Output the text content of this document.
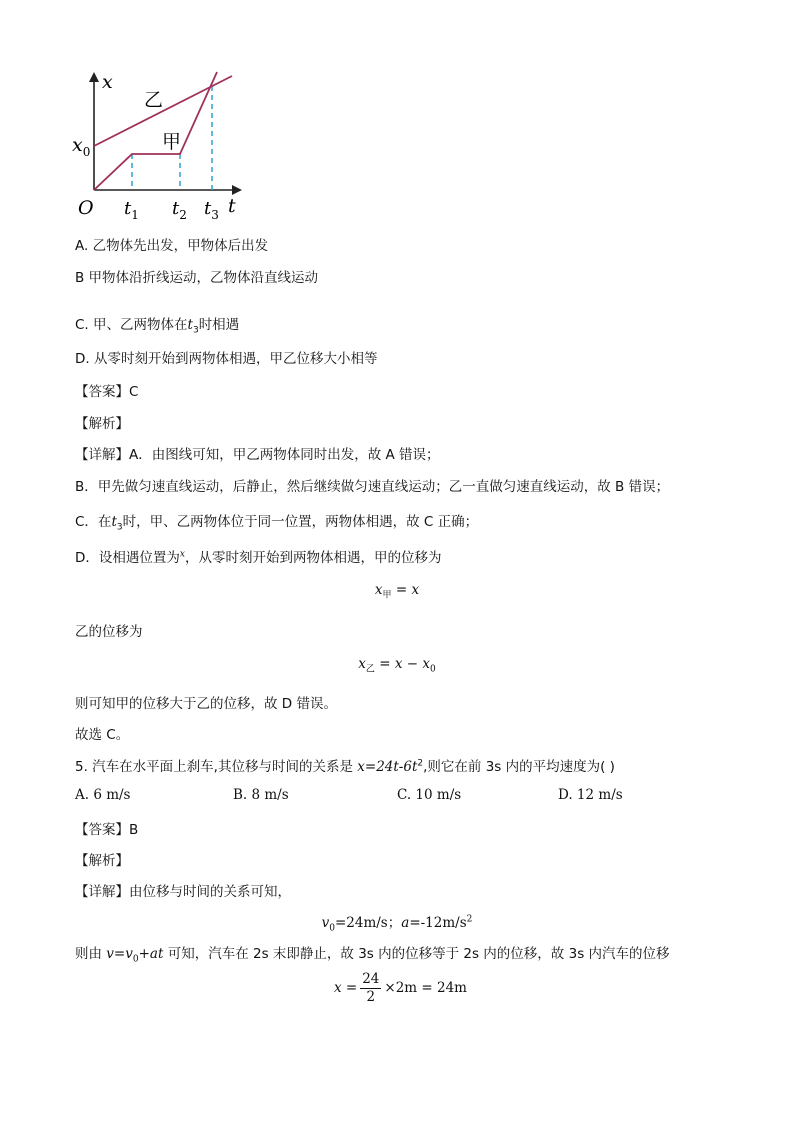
x
乙
甲
$x_0$
O $t_1$ $t_2$ $t_3$ t
A. 乙物体先出发，甲物体后出发
B 甲物体沿折线运动，乙物体沿直线运动
C. 甲、乙两物体在$t_3$时相遇
D. 从零时刻开始到两物体相遇，甲乙位移大小相等
【答案】C
【解析】
【详解】A．由图线可知，甲乙两物体同时出发，故 A 错误；
B．甲先做匀速直线运动，后静止，然后继续做匀速直线运动；乙一直做匀速直线运动，故 B 错误；
C．在$t_3$时，甲、乙两物体位于同一位置，两物体相遇，故 C 正确；
D．设相遇位置为$^x$，从零时刻开始到两物体相遇，甲的位移为
$x_甲 = x$
乙的位移为
$x_乙 = x - x_0$
则可知甲的位移大于乙的位移，故 D 错误。
故选 C。
5. 汽车在水平面上刹车,其位移与时间的关系是 $x=24t-6t^2$,则它在前 3s 内的平均速度为( )
A. 6 m/s	B. 8 m/s	C. 10 m/s	D. 12 m/s
【答案】B
【解析】
【详解】由位移与时间的关系可知，
$v_0=24m/s$；$a=-12m/s^2$
则由 $v=v_0+at$ 可知，汽车在 2s 末即静止，故 3s 内的位移等于 2s 内的位移，故 3s 内汽车的位移
$x = \frac{24}{2} \times 2m = 24m$
